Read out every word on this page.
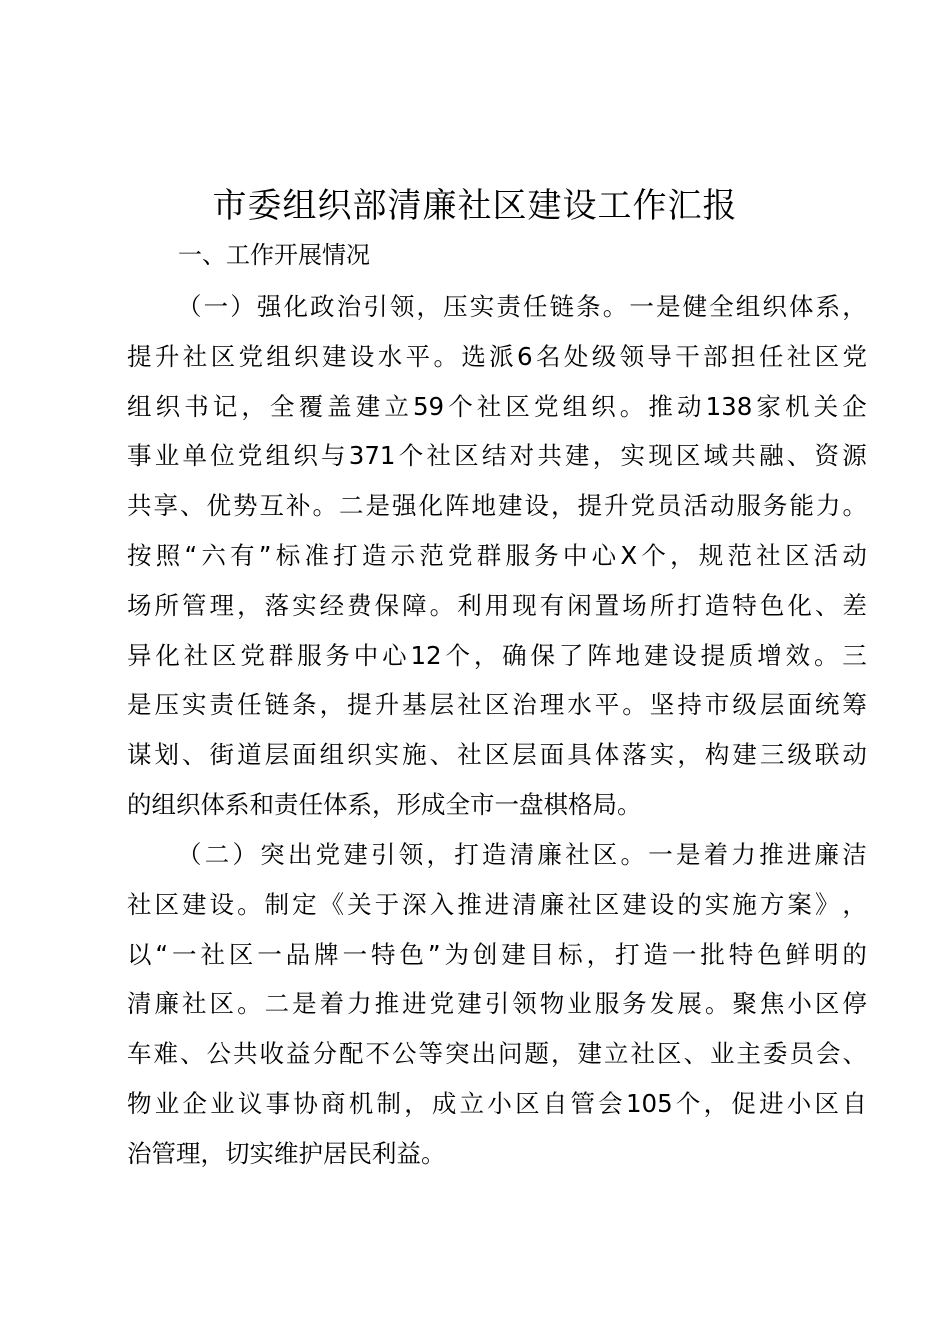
市委组织部清廉社区建设工作汇报
一、工作开展情况
（ 一 ） 强 化 政 治 引 领 ， 压 实 责 任 链 条 。 一 是 健 全 组 织 体 系 ，
提 升 社 区 党 组 织 建 设 水 平 。 选 派 6 名 处 级 领 导 干 部 担 任 社 区 党
组 织 书 记 ， 全 覆 盖 建 立 59 个 社 区 党 组 织 。 推 动 138 家 机 关 企
事 业 单 位 党 组 织 与 371 个 社 区 结 对 共 建 ， 实 现 区 域 共 融 、 资 源
共 享 、 优 势 互 补 。 二 是 强 化 阵 地 建 设 ， 提 升 党 员 活 动 服 务 能 力 。
按 照 “ 六 有 ” 标 准 打 造 示 范 党 群 服 务 中 心 X 个 ， 规 范 社 区 活 动
场 所 管 理 ， 落 实 经 费 保 障 。 利 用 现 有 闲 置 场 所 打 造 特 色 化 、 差
异 化 社 区 党 群 服 务 中 心 12 个 ， 确 保 了 阵 地 建 设 提 质 增 效 。 三
是 压 实 责 任 链 条 ， 提 升 基 层 社 区 治 理 水 平 。 坚 持 市 级 层 面 统 筹
谋 划 、 街 道 层 面 组 织 实 施 、 社 区 层 面 具 体 落 实 ， 构 建 三 级 联 动
的组织体系和责任体系，形成全市一盘棋格局。
（ 二 ） 突 出 党 建 引 领 ， 打 造 清 廉 社 区 。 一 是 着 力 推 进 廉 洁
社 区 建 设 。 制 定 《 关 于 深 入 推 进 清 廉 社 区 建 设 的 实 施 方 案 》 ，
以 “ 一 社 区 一 品 牌 一 特 色 ” 为 创 建 目 标 ， 打 造 一 批 特 色 鲜 明 的
清 廉 社 区 。 二 是 着 力 推 进 党 建 引 领 物 业 服 务 发 展 。 聚 焦 小 区 停
车 难 、 公 共 收 益 分 配 不 公 等 突 出 问 题 ， 建 立 社 区 、 业 主 委 员 会 、
物 业 企 业 议 事 协 商 机 制 ， 成 立 小 区 自 管 会 105 个 ， 促 进 小 区 自
治管理，切实维护居民利益。
